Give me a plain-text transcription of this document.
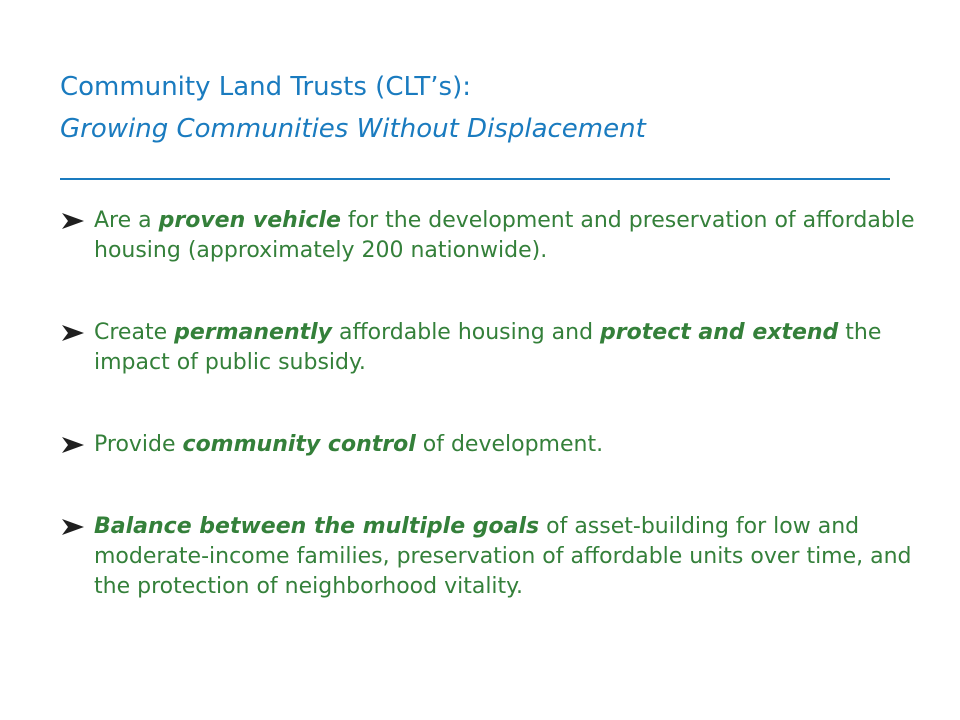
Community Land Trusts (CLT’s):
Growing Communities Without Displacement
Are a proven vehicle for the development and preservation of affordable housing (approximately 200 nationwide).
Create permanently affordable housing and protect and extend the impact of public subsidy.
Provide community control of development.
Balance between the multiple goals of asset-building for low and moderate-income families, preservation of affordable units over time, and the protection of neighborhood vitality.
